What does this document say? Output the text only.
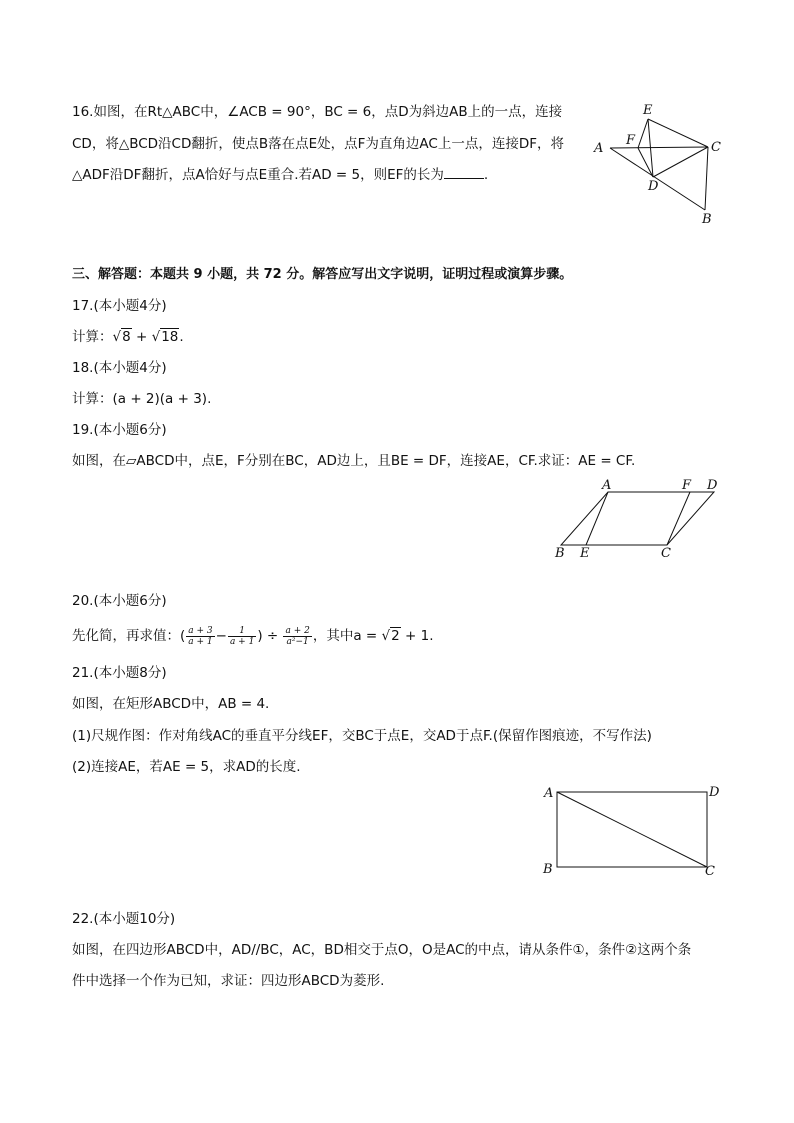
16.如图，在Rt△ABC中，∠ACB = 90°，BC = 6，点D为斜边AB上的一点，连接
CD，将△BCD沿CD翻折，使点B落在点E处，点F为直角边AC上一点，连接DF，将
△ADF沿DF翻折，点A恰好与点E重合.若AD = 5，则EF的长为	.
E
A
F	C
D
B
三、解答题：本题共 9 小题，共 72 分。解答应写出文字说明，证明过程或演算步骤。
17.(本小题4分)
计算：√8 + √18.
18.(本小题4分)
计算：(a + 2)(a + 3).
19.(本小题6分)
如图，在▱ABCD中，点E，F分别在BC，AD边上，且BE = DF，连接AE，CF.求证：AE = CF.
A	F D
B E	C
20.(本小题6分)
先化简，再求值：( $\frac{a + 3}{a + 1} - \frac{1}{a + 1}$ ) ÷ $\frac{a + 2}{\text{a²−1}}$ ，其中a = √2 + 1.
21.(本小题8分)
如图，在矩形ABCD中，AB = 4.
(1)尺规作图：作对角线AC的垂直平分线EF，交BC于点E，交AD于点F.(保留作图痕迹，不写作法)
(2)连接AE，若AE = 5，求AD的长度.
A	D
B	C
22.(本小题10分)
如图，在四边形ABCD中，AD//BC，AC，BD相交于点O，O是AC的中点，请从条件①，条件②这两个条
件中选择一个作为已知，求证：四边形ABCD为菱形.
